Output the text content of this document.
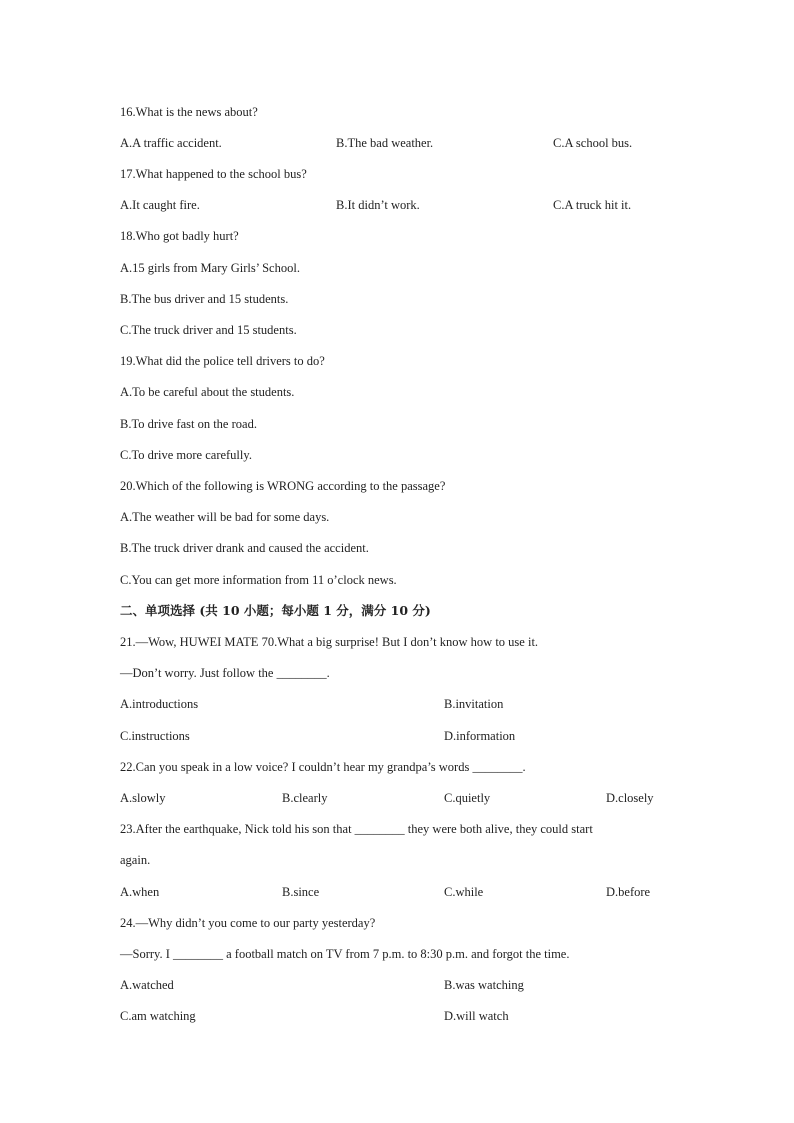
16.What is the news about?
A.A traffic accident.	B.The bad weather.	C.A school bus.
17.What happened to the school bus?
A.It caught fire.	B.It didn’t work.	C.A truck hit it.
18.Who got badly hurt?
A.15 girls from Mary Girls’ School.
B.The bus driver and 15 students.
C.The truck driver and 15 students.
19.What did the police tell drivers to do?
A.To be careful about the students.
B.To drive fast on the road.
C.To drive more carefully.
20.Which of the following is WRONG according to the passage?
A.The weather will be bad for some days.
B.The truck driver drank and caused the accident.
C.You can get more information from 11 o’clock news.
二、单项选择 (共 10 小题；每小题 1 分，满分 10 分)
21.—Wow, HUWEI MATE 70.What a big surprise! But I don’t know how to use it.
—Don’t worry. Just follow the ________.
A.introductions	B.invitation
C.instructions	D.information
22.Can you speak in a low voice? I couldn’t hear my grandpa’s words ________.
A.slowly	B.clearly	C.quietly	D.closely
23.After the earthquake, Nick told his son that ________ they were both alive, they could start
again.
A.when	B.since	C.while	D.before
24.—Why didn’t you come to our party yesterday?
—Sorry. I ________ a football match on TV from 7 p.m. to 8:30 p.m. and forgot the time.
A.watched	B.was watching
C.am watching	D.will watch
